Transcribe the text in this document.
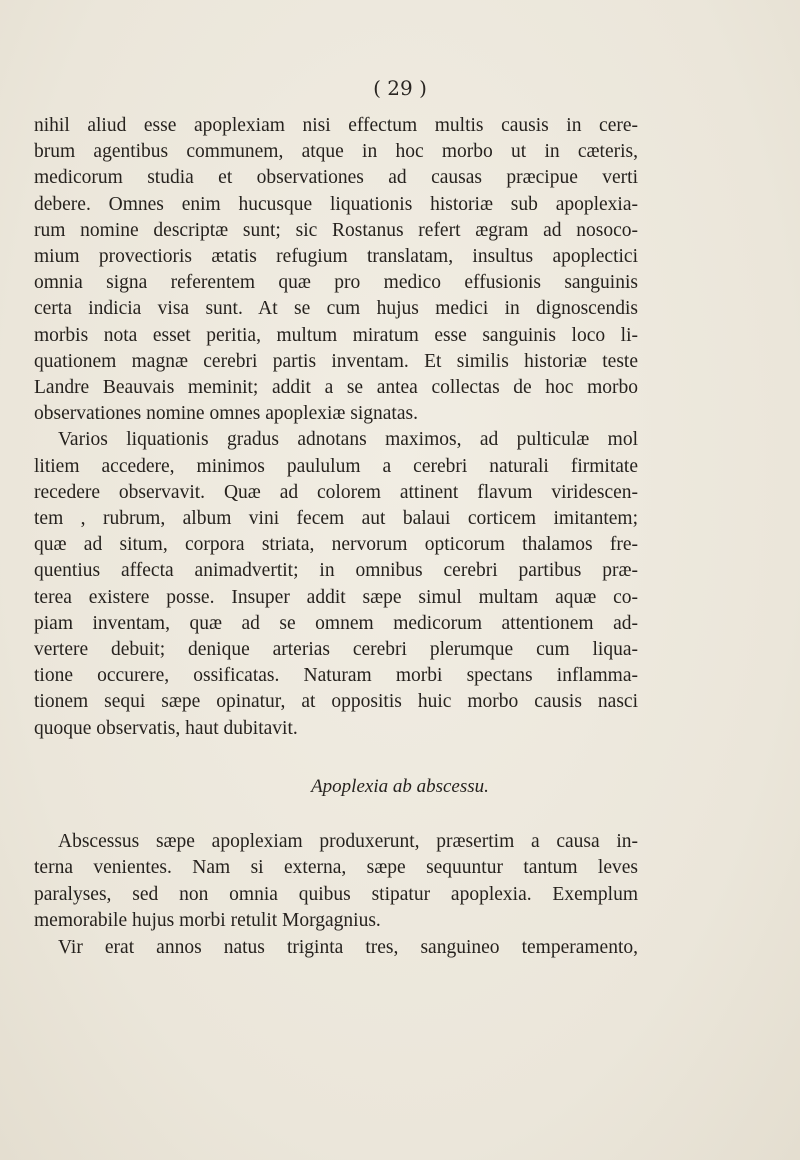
( 29 )
nihil aliud esse apoplexiam nisi effectum multis causis in cere-
brum agentibus communem, atque in hoc morbo ut in cæteris,
medicorum studia et observationes ad causas præcipue verti
debere. Omnes enim hucusque liquationis historiæ sub apoplexia-
rum nomine descriptæ sunt; sic Rostanus refert ægram ad nosoco-
mium provectioris ætatis refugium translatam, insultus apoplectici
omnia signa referentem quæ pro medico effusionis sanguinis
certa indicia visa sunt. At se cum hujus medici in dignoscendis
morbis nota esset peritia, multum miratum esse sanguinis loco li-
quationem magnæ cerebri partis inventam. Et similis historiæ teste
Landre Beauvais meminit; addit a se antea collectas de hoc morbo
observationes nomine omnes apoplexiæ signatas.
Varios liquationis gradus adnotans maximos, ad pulticulæ mol
litiem accedere, minimos paululum a cerebri naturali firmitate
recedere observavit. Quæ ad colorem attinent flavum viridescen-
tem , rubrum, album vini fecem aut balaui corticem imitantem;
quæ ad situm, corpora striata, nervorum opticorum thalamos fre-
quentius affecta animadvertit; in omnibus cerebri partibus præ-
terea existere posse. Insuper addit sæpe simul multam aquæ co-
piam inventam, quæ ad se omnem medicorum attentionem ad-
vertere debuit; denique arterias cerebri plerumque cum liqua-
tione occurere, ossificatas. Naturam morbi spectans inflamma-
tionem sequi sæpe opinatur, at oppositis huic morbo causis nasci
quoque observatis, haut dubitavit.
Apoplexia ab abscessu.
Abscessus sæpe apoplexiam produxerunt, præsertim a causa in-
terna venientes. Nam si externa, sæpe sequuntur tantum leves
paralyses, sed non omnia quibus stipatur apoplexia. Exemplum
memorabile hujus morbi retulit Morgagnius.
Vir erat annos natus triginta tres, sanguineo temperamento,
